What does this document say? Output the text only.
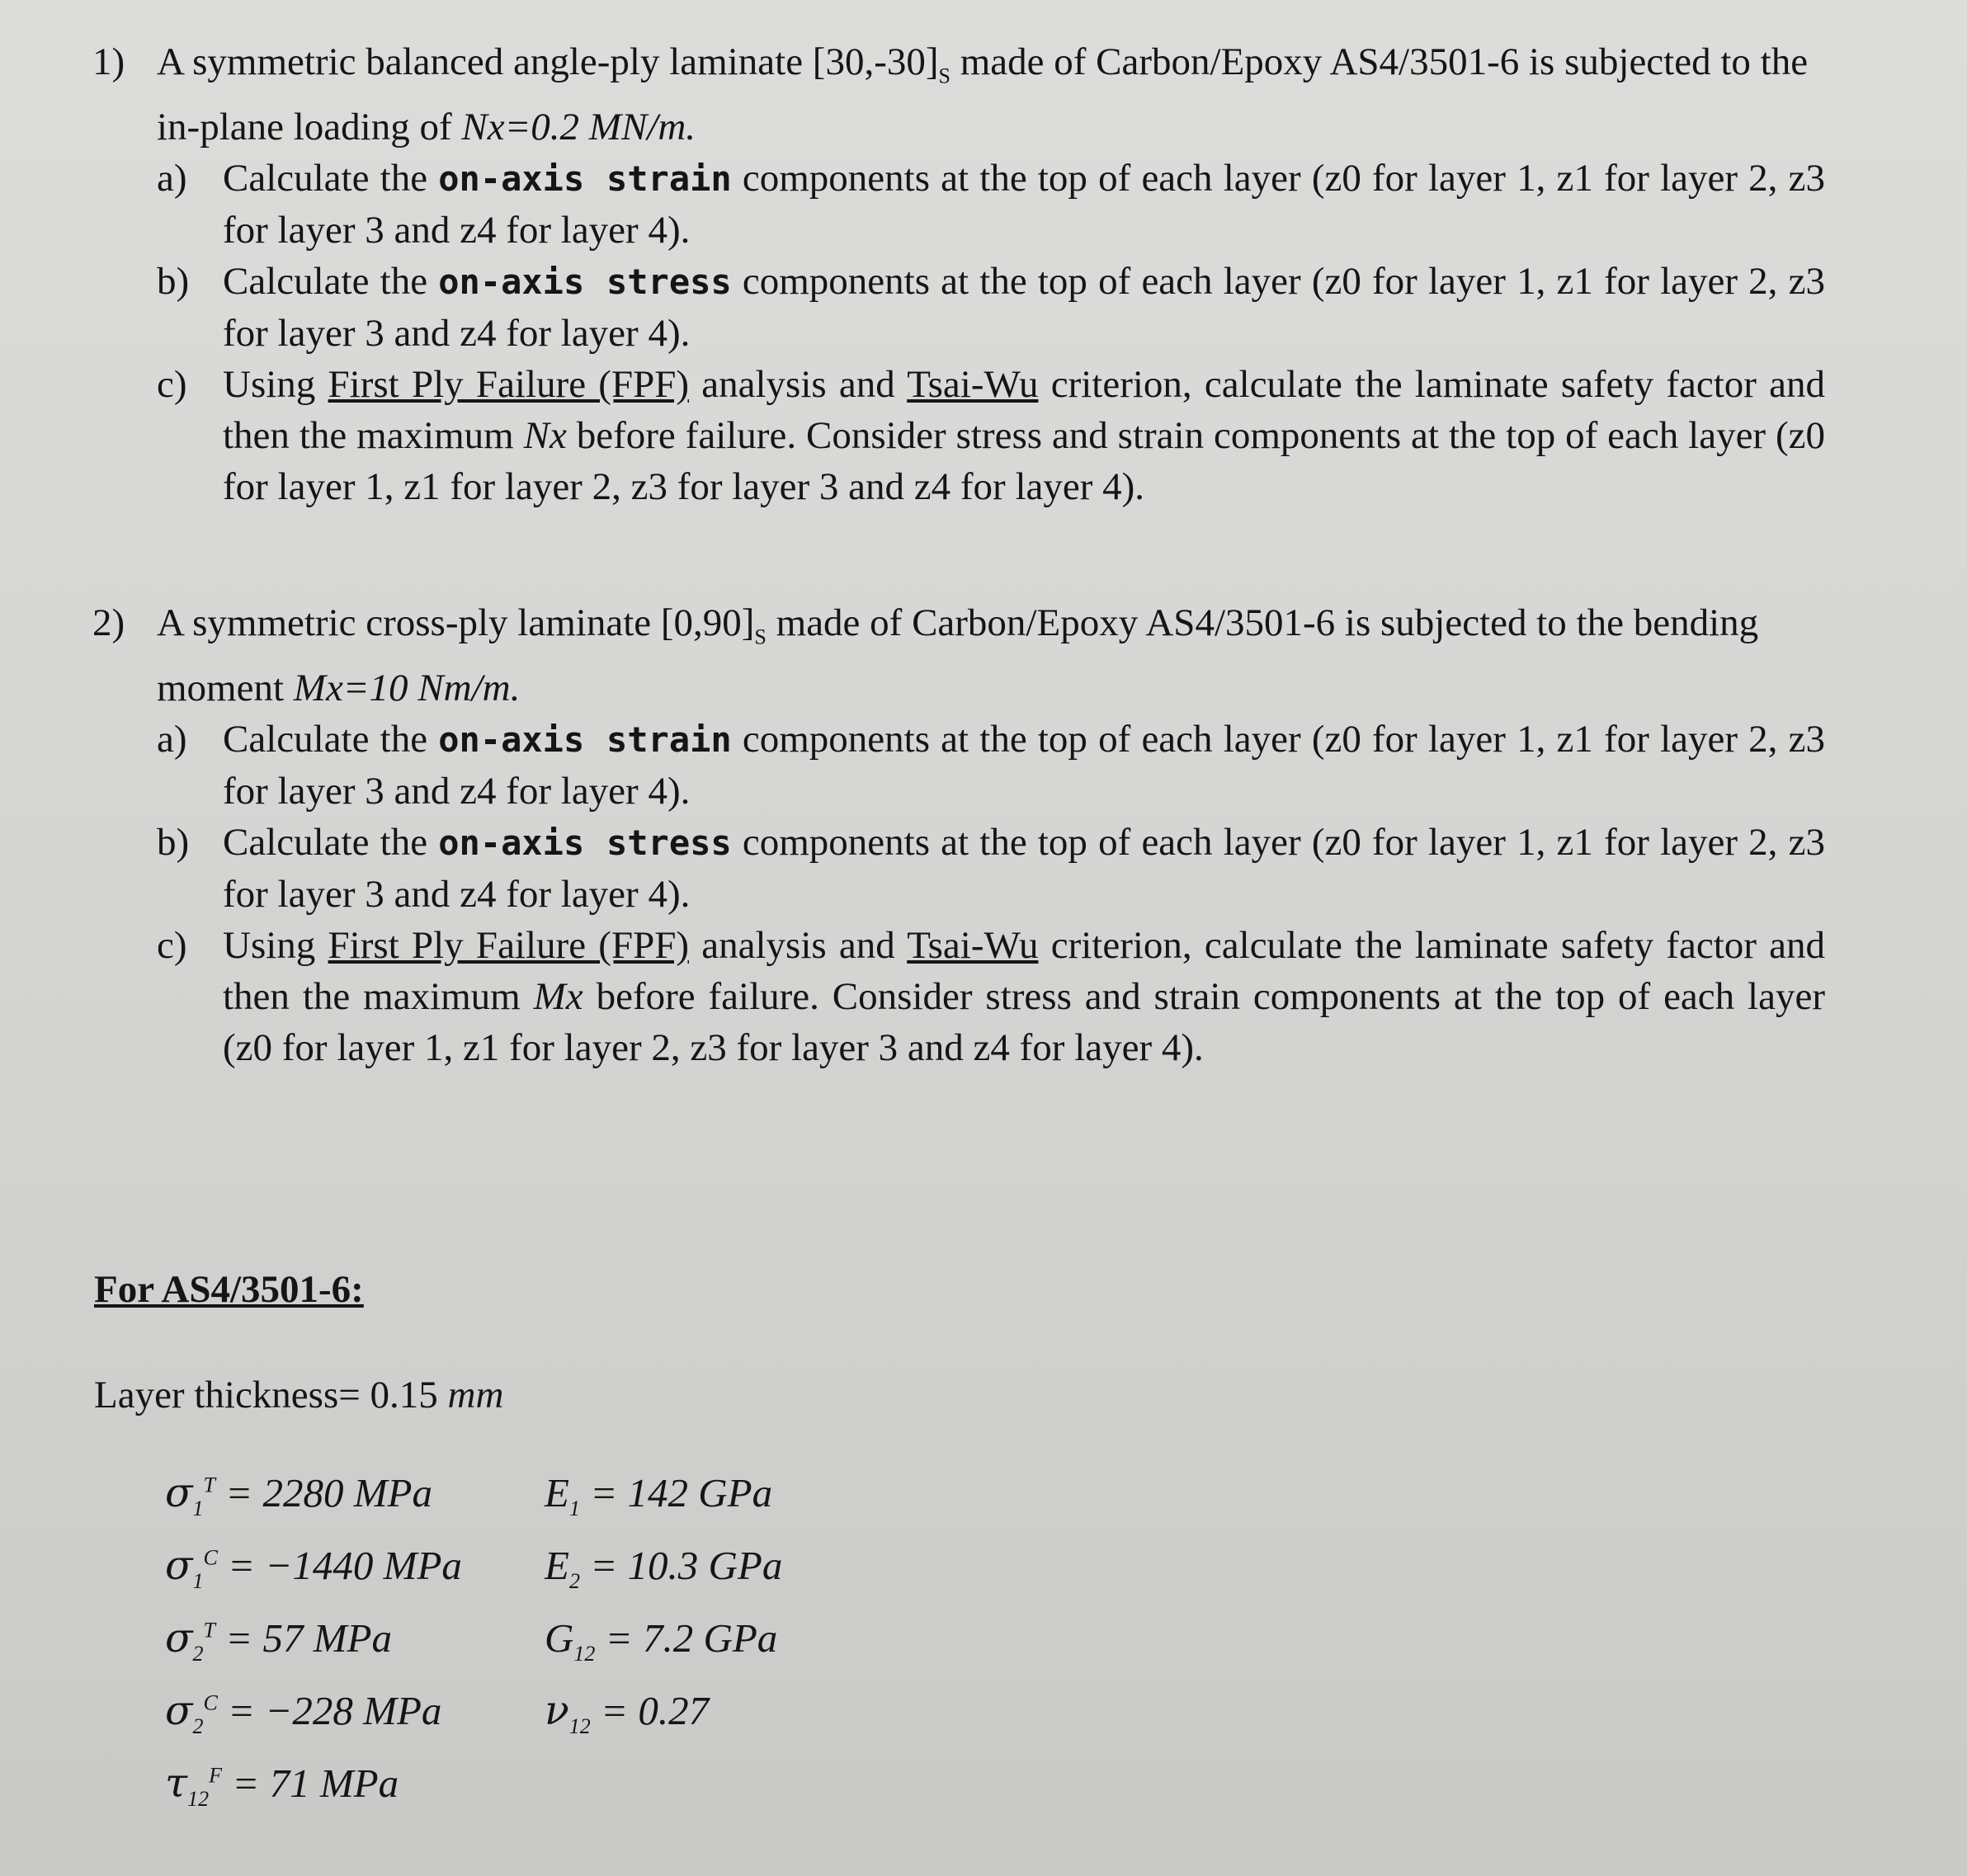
1) A symmetric balanced angle-ply laminate $[30,-30]_S$ made of Carbon/Epoxy AS4/3501-6 is subjected to the in-plane loading of Nx=0.2 MN/m.
a) Calculate the on-axis strain components at the top of each layer (z0 for layer 1, z1 for layer 2, z3 for layer 3 and z4 for layer 4).
b) Calculate the on-axis stress components at the top of each layer (z0 for layer 1, z1 for layer 2, z3 for layer 3 and z4 for layer 4).
c) Using First Ply Failure (FPF) analysis and Tsai-Wu criterion, calculate the laminate safety factor and then the maximum Nx before failure. Consider stress and strain components at the top of each layer (z0 for layer 1, z1 for layer 2, z3 for layer 3 and z4 for layer 4).
2) A symmetric cross-ply laminate $[0,90]_S$ made of Carbon/Epoxy AS4/3501-6 is subjected to the bending moment Mx=10 Nm/m.
a) Calculate the on-axis strain components at the top of each layer (z0 for layer 1, z1 for layer 2, z3 for layer 3 and z4 for layer 4).
b) Calculate the on-axis stress components at the top of each layer (z0 for layer 1, z1 for layer 2, z3 for layer 3 and z4 for layer 4).
c) Using First Ply Failure (FPF) analysis and Tsai-Wu criterion, calculate the laminate safety factor and then the maximum Mx before failure. Consider stress and strain components at the top of each layer (z0 for layer 1, z1 for layer 2, z3 for layer 3 and z4 for layer 4).
For AS4/3501-6:
Layer thickness= 0.15 mm
$\sigma_1^T = 2280$ MPa	$E_1 = 142$ GPa
$\sigma_1^C = -1440$ MPa	$E_2 = 10.3$ GPa
$\sigma_2^T = 57$ MPa	$G_{12} = 7.2$ GPa
$\sigma_2^C = -228$ MPa	$\nu_{12} = 0.27$
$\tau_{12}^F = 71$ MPa
